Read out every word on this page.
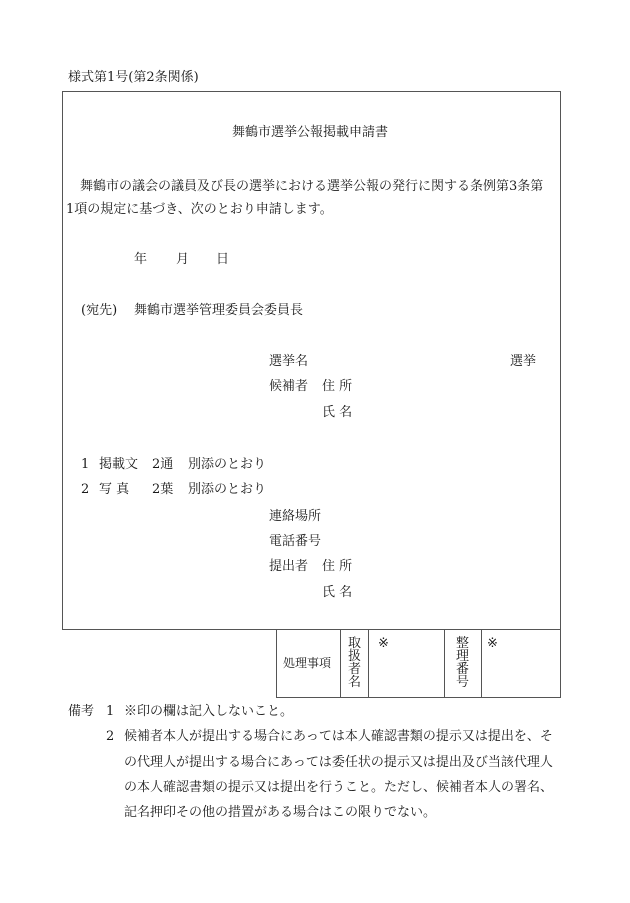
様式第1号(第2条関係)
舞鶴市選挙公報掲載申請書
舞鶴市の議会の議員及び長の選挙における選挙公報の発行に関する条例第3条第
1項の規定に基づき、次のとおり申請します。
年 月 日
(宛先) 舞鶴市選挙管理委員会委員長
選挙名	選挙
候補者 住 所
氏 名
1 掲載文 2通 別添のとおり
2 写 真 2葉 別添のとおり
連絡場所
電話番号
提出者 住 所
氏 名
処理事項
取扱者名
※	整理番号
※
備考 1 ※印の欄は記入しないこと。
2 候補者本人が提出する場合にあっては本人確認書類の提示又は提出を、そ
の代理人が提出する場合にあっては委任状の提示又は提出及び当該代理人
の本人確認書類の提示又は提出を行うこと。ただし、候補者本人の署名、
記名押印その他の措置がある場合はこの限りでない。
